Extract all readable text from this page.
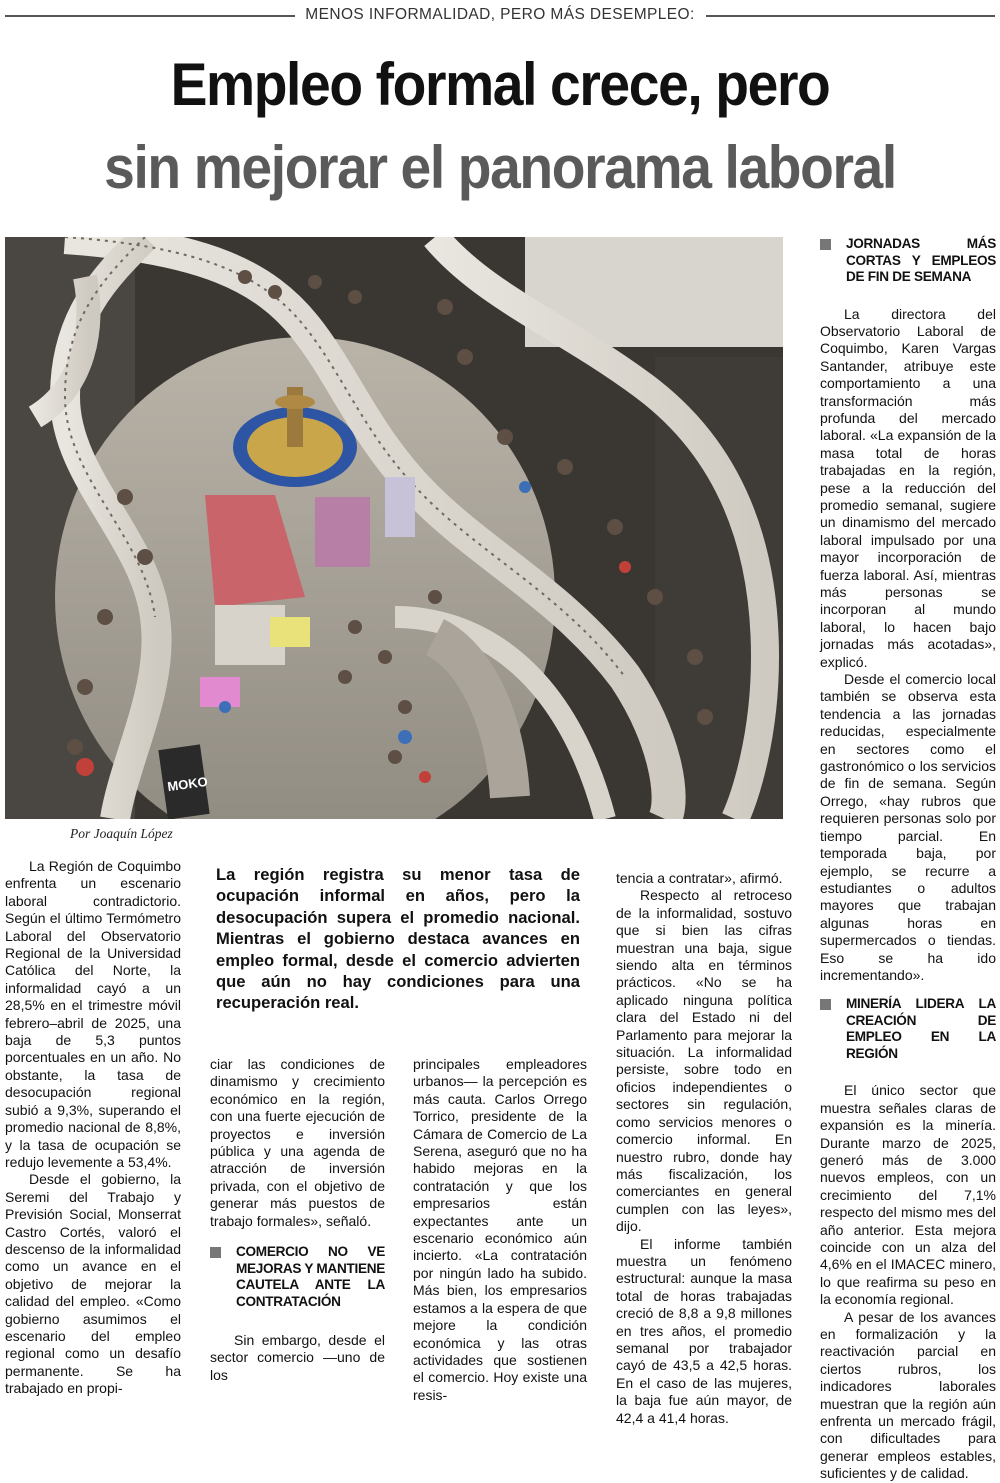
MENOS INFORMALIDAD, PERO MÁS DESEMPLEO:
Empleo formal crece, pero
sin mejorar el panorama laboral
MOKO
JORNADAS MÁS CORTAS Y EMPLEOS DE FIN DE SEMANA

La directora del Observatorio Laboral de Coquimbo, Karen Vargas Santander, atribuye este comportamiento a una transformación más profunda del mercado laboral. «La expansión de la masa total de horas trabajadas en la región, pese a la reducción del promedio semanal, sugiere un dinamismo del mercado laboral impulsado por una mayor incorporación de fuerza laboral. Así, mientras más personas se incorporan al mundo laboral, lo hacen bajo jornadas más acotadas», explicó.

Desde el comercio local también se observa esta tendencia a las jornadas reducidas, especialmente en sectores como el gastronómico o los servicios de fin de semana. Según Orrego, «hay rubros que requieren personas solo por tiempo parcial. En temporada baja, por ejemplo, se recurre a estudiantes o adultos mayores que trabajan algunas horas en supermercados o tiendas. Eso se ha ido incrementando».

MINERÍA LIDERA LA CREACIÓN DE EMPLEO EN LA REGIÓN

El único sector que muestra señales claras de expansión es la minería. Durante marzo de 2025, generó más de 3.000 nuevos empleos, con un crecimiento del 7,1% respecto del mismo mes del año anterior. Esta mejora coincide con un alza del 4,6% en el IMACEC minero, lo que reafirma su peso en la economía regional.

A pesar de los avances en formalización y la reactivación parcial en ciertos rubros, los indicadores laborales muestran que la región aún enfrenta un mercado frágil, con dificultades para generar empleos estables, suficientes y de calidad.

Por Joaquín López

La Región de Coquimbo enfrenta un escenario laboral contradictorio. Según el último Termómetro Laboral del Observatorio Regional de la Universidad Católica del Norte, la informalidad cayó a un 28,5% en el trimestre móvil febrero–abril de 2025, una baja de 5,3 puntos porcentuales en un año. No obstante, la tasa de desocupación regional subió a 9,3%, superando el promedio nacional de 8,8%, y la tasa de ocupación se redujo levemente a 53,4%.

Desde el gobierno, la Seremi del Trabajo y Previsión Social, Monserrat Castro Cortés, valoró el descenso de la informalidad como un avance en el objetivo de mejorar la calidad del empleo. «Como gobierno asumimos el escenario del empleo regional como un desafío permanente. Se ha trabajado en propi-

La región registra su menor tasa de ocupación informal en años, pero la desocupación supera el promedio nacional. Mientras el gobierno destaca avances en empleo formal, desde el comercio advierten que aún no hay condiciones para una recuperación real.

ciar las condiciones de dinamismo y crecimiento económico en la región, con una fuerte ejecución de proyectos e inversión pública y una agenda de atracción de inversión privada, con el objetivo de generar más puestos de trabajo formales», señaló.

COMERCIO NO VE MEJORAS Y MANTIENE CAUTELA ANTE LA CONTRATACIÓN

Sin embargo, desde el sector comercio —uno de los

principales empleadores urbanos— la percepción es más cauta. Carlos Orrego Torrico, presidente de la Cámara de Comercio de La Serena, aseguró que no ha habido mejoras en la contratación y que los empresarios están expectantes ante un escenario económico aún incierto. «La contratación por ningún lado ha subido. Más bien, los empresarios estamos a la espera de que mejore la condición económica y las otras actividades que sostienen el comercio. Hoy existe una resis-

tencia a contratar», afirmó.

Respecto al retroceso de la informalidad, sostuvo que si bien las cifras muestran una baja, sigue siendo alta en términos prácticos. «No se ha aplicado ninguna política clara del Estado ni del Parlamento para mejorar la situación. La informalidad persiste, sobre todo en oficios independientes o sectores sin regulación, como servicios menores o comercio informal. En nuestro rubro, donde hay más fiscalización, los comerciantes en general cumplen con las leyes», dijo.

El informe también muestra un fenómeno estructural: aunque la masa total de horas trabajadas creció de 8,8 a 9,8 millones en tres años, el promedio semanal por trabajador cayó de 43,5 a 42,5 horas. En el caso de las mujeres, la baja fue aún mayor, de 42,4 a 41,4 horas.
